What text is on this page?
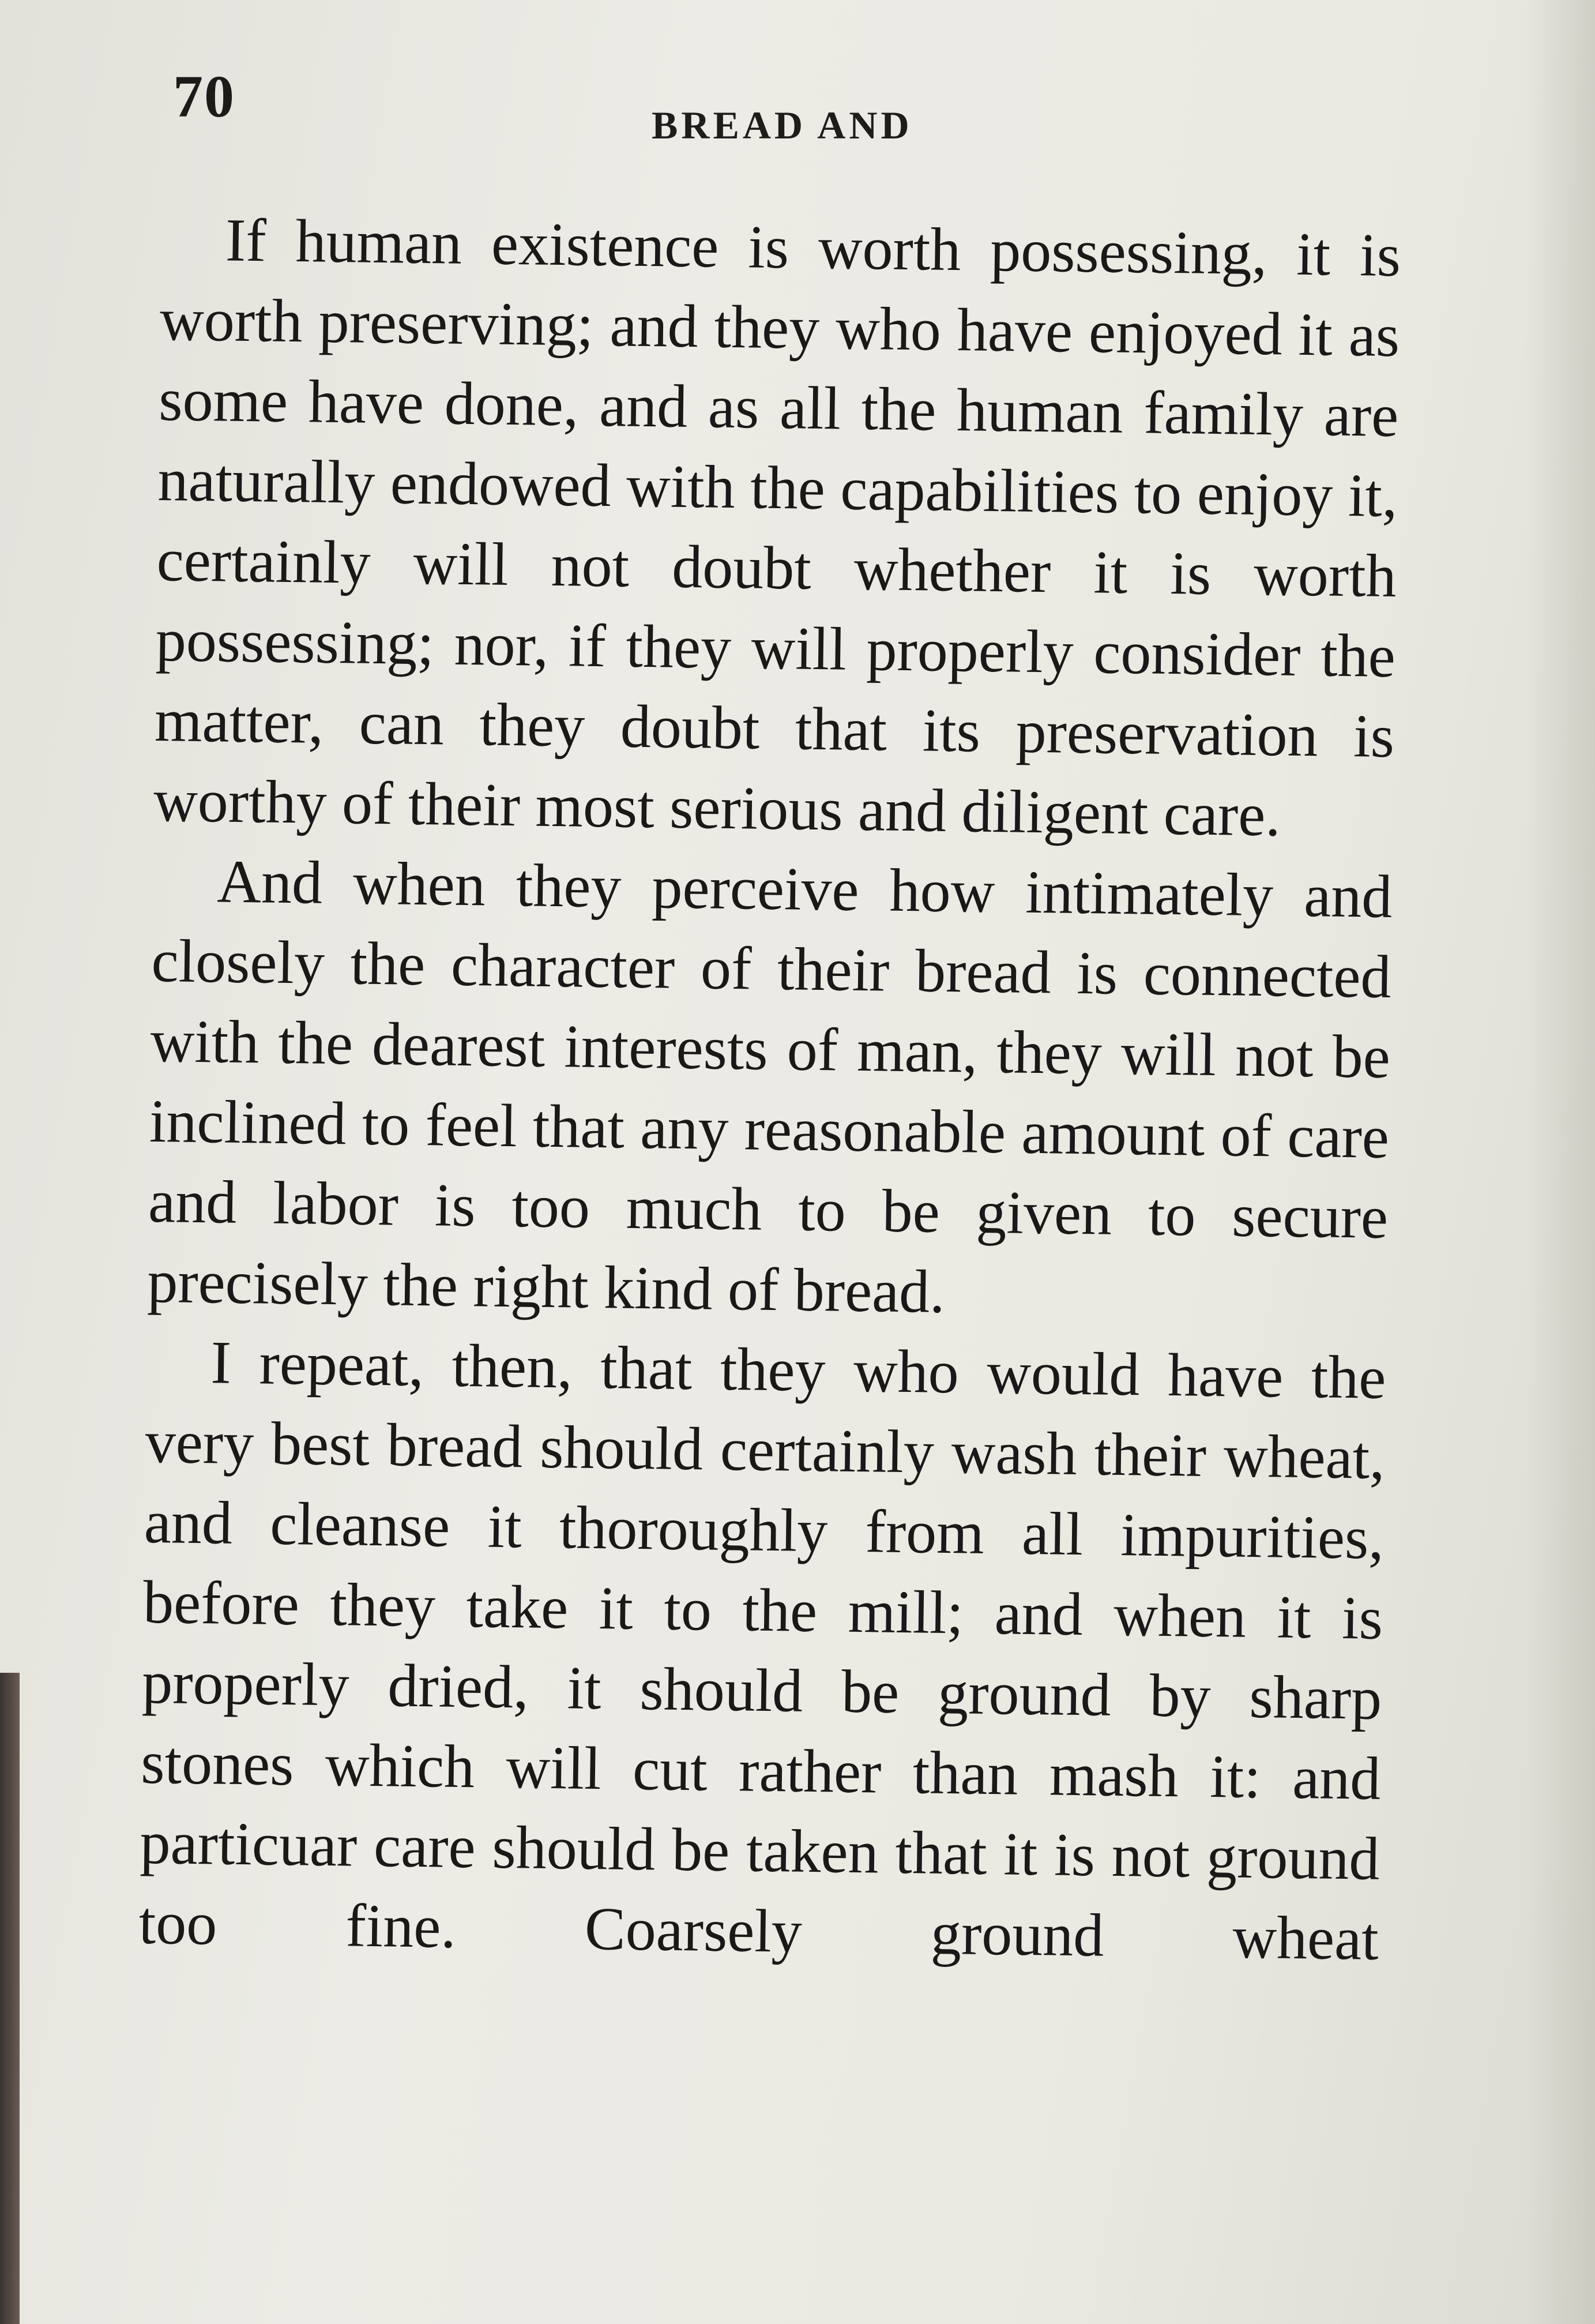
70	BREAD AND

If human existence is worth possessing, it is worth preserving; and they who have enjoyed it as some have done, and as all the human family are naturally endowed with the capabilities to enjoy it, certainly will not doubt whether it is worth possessing; nor, if they will properly consider the matter, can they doubt that its preservation is worthy of their most serious and diligent care.

And when they perceive how intimately and closely the character of their bread is connected with the dearest interests of man, they will not be inclined to feel that any reasonable amount of care and labor is too much to be given to secure precisely the right kind of bread.

I repeat, then, that they who would have the very best bread should certainly wash their wheat, and cleanse it thoroughly from all impurities, before they take it to the mill; and when it is properly dried, it should be ground by sharp stones which will cut rather than mash it: and particuar care should be taken that it is not ground too fine. Coarsely ground wheat
